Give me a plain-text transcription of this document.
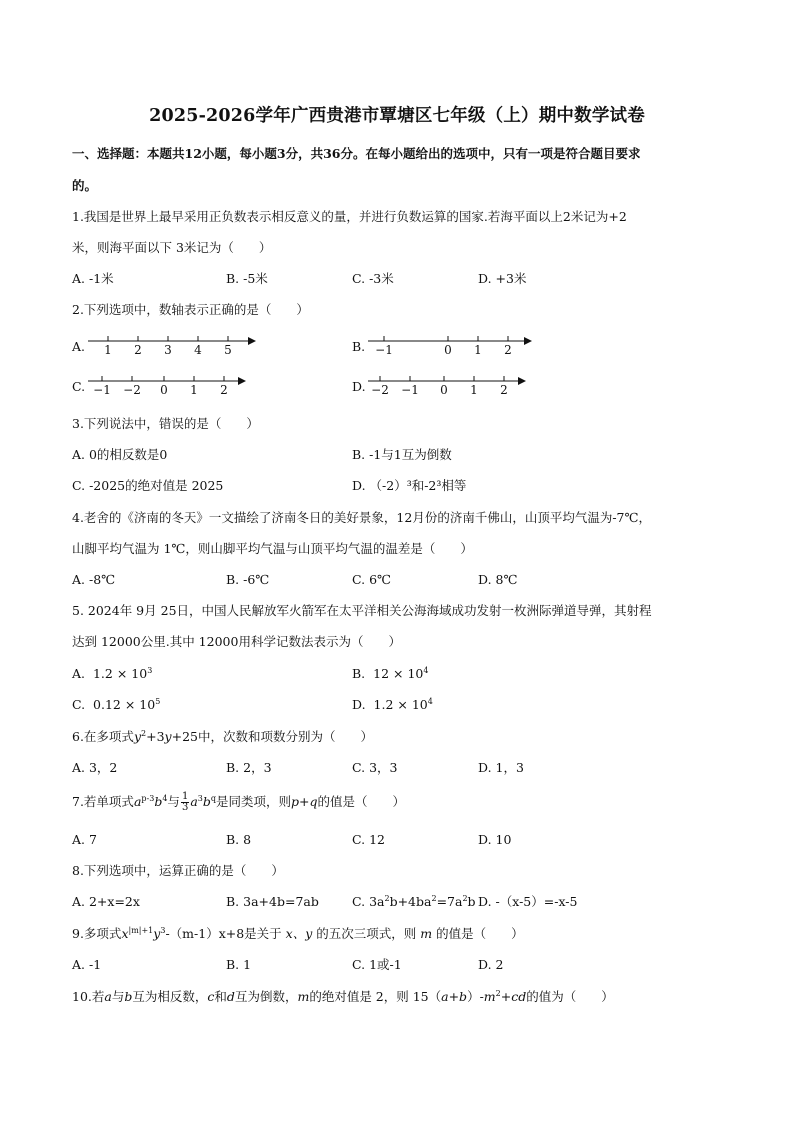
2025-2026学年广西贵港市覃塘区七年级（上）期中数学试卷
一、选择题：本题共12小题，每小题3分，共36分。在每小题给出的选项中，只有一项是符合题目要求
的。
1.我国是世界上最早采用正负数表示相反意义的量，并进行负数运算的国家.若海平面以上2米记为+2
米，则海平面以下 3米记为（　　）
A. -1米	B. -5米	C. -3米	D. +3米
2.下列选项中，数轴表示正确的是（　　）
A. 1 2 3 4 5	B. −1	0 1 2
C. −1 −2 0 1 2	D. −2 −1 0 1 2
3.下列说法中，错误的是（　　）
A. 0的相反数是0	B. -1与1互为倒数
C. -2025的绝对值是 2025	D. （-2）³和-2³相等
4.老舍的《济南的冬天》一文描绘了济南冬日的美好景象，12月份的济南千佛山，山顶平均气温为-7℃，
山脚平均气温为 1℃，则山脚平均气温与山顶平均气温的温差是（　　）
A. -8℃	B. -6℃	C. 6℃	D. 8℃
5. 2024年 9月 25日，中国人民解放军火箭军在太平洋相关公海海域成功发射一枚洲际弹道导弹，其射程
达到 12000公里.其中 12000用科学记数法表示为（　　）
A. $1.2 \times 10^3$	B. $12 \times 10^4$
C. $0.12 \times 10^5$	D. $1.2 \times 10^4$
6.在多项式$y^2+3y+25$中，次数和项数分别为（　　）
A. 3，2	B. 2，3	C. 3，3	D. 1，3
7.若单项式$a^{p-3}b^4$与 $\frac{1}{3} a^3b^q$是同类项，则p+q的值是（　　）
A. 7	B. 8	C. 12	D. 10
8.下列选项中，运算正确的是（　　）
A. 2+x=2x	B. 3a+4b=7ab	C. $3a^2b+4ba^2=7a^2b$ D. -（x-5）=-x-5
9.多项式$x^{|m|+1}y^3-(m-1)x+8$是关于 x、y 的五次三项式，则 m 的值是（　　）
A. -1	B. 1	C. 1或-1	D. 2
10.若a与b互为相反数，c和d互为倒数，m的绝对值是 2，则 $15(a+b)-m^2+cd$的值为（　　）
